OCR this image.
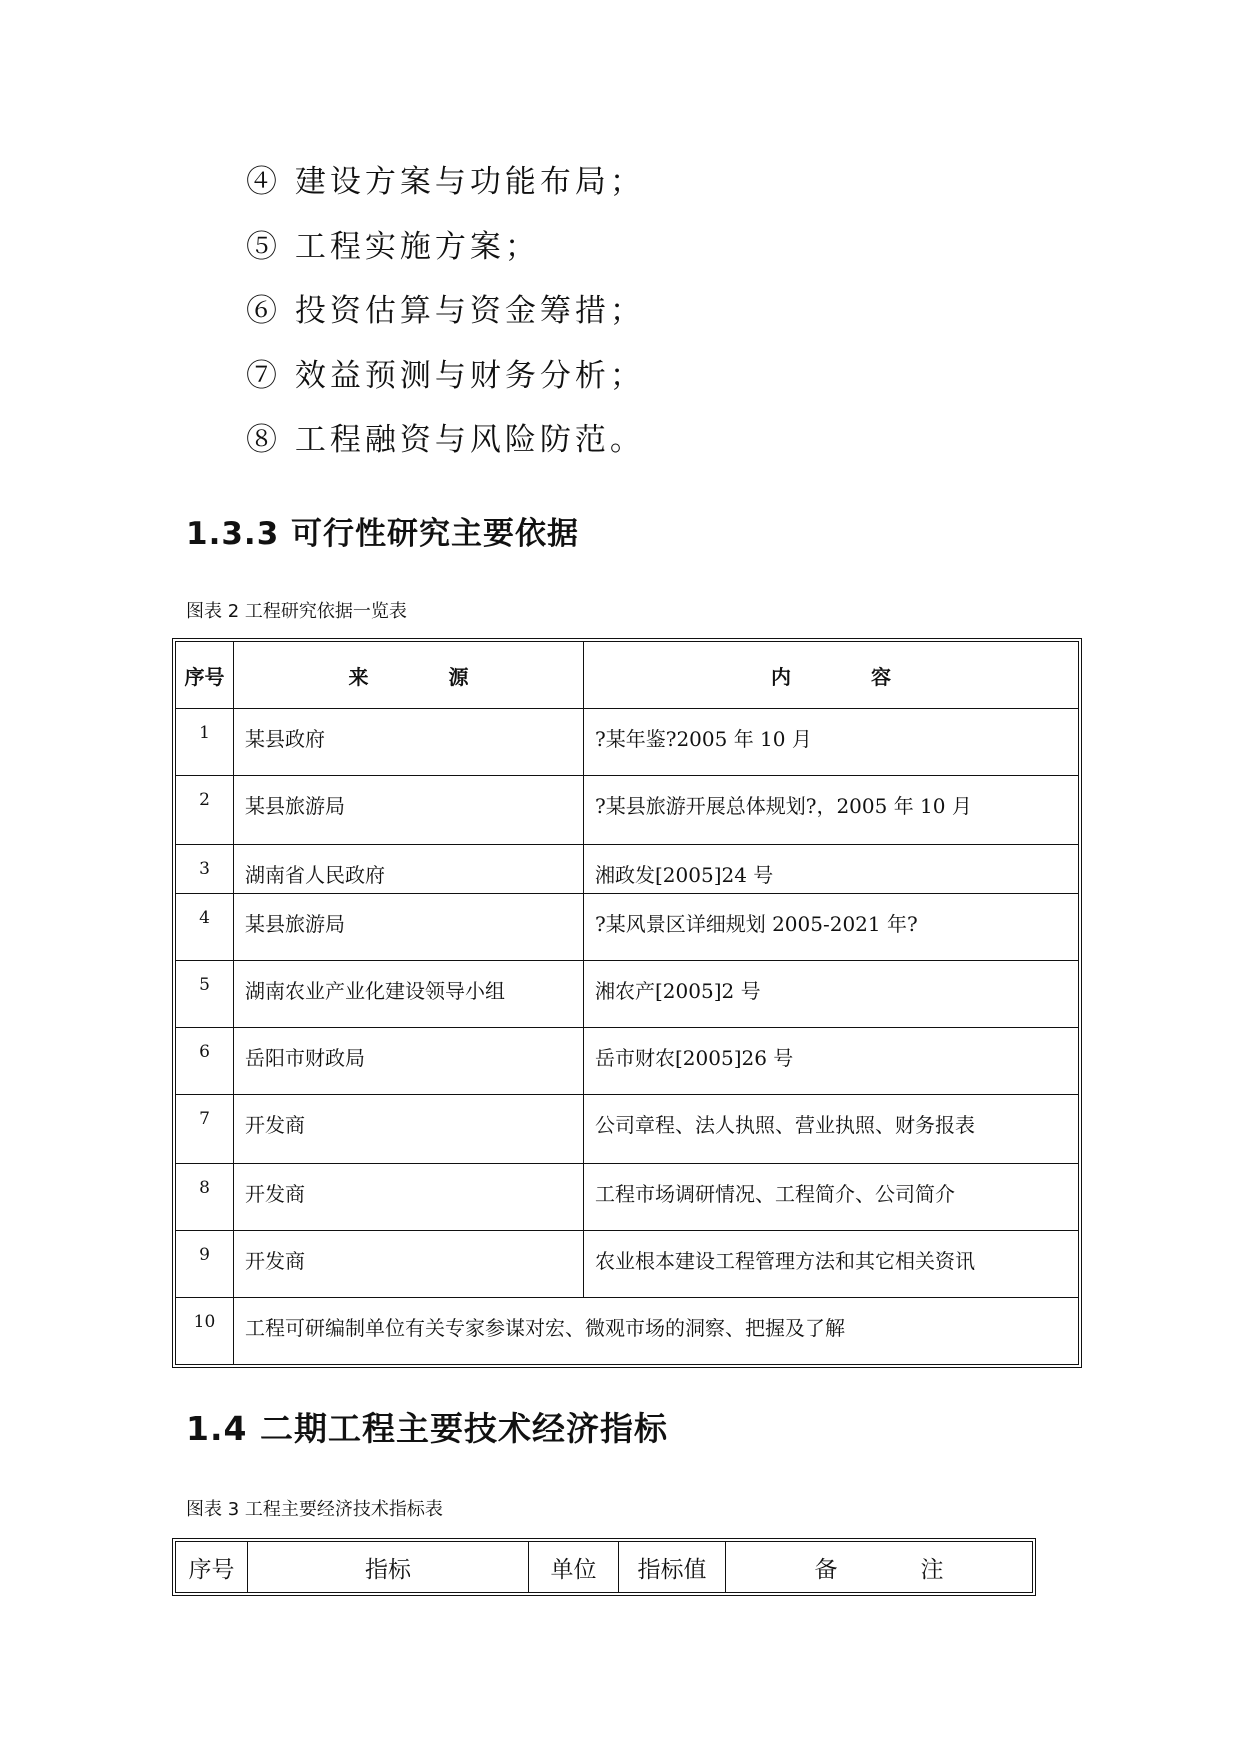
④ 建设方案与功能布局；
⑤ 工程实施方案；
⑥ 投资估算与资金筹措；
⑦ 效益预测与财务分析；
⑧ 工程融资与风险防范。
1.3.3 可行性研究主要依据
图表 2 工程研究依据一览表
序号	来　源	内　容
1	某县政府	?某年鉴?2005 年 10 月
2	某县旅游局	?某县旅游开展总体规划?，2005 年 10 月
3	湖南省人民政府	湘政发[2005]24 号
4	某县旅游局	?某风景区详细规划 2005-2021 年?
5	湖南农业产业化建设领导小组	湘农产[2005]2 号
6	岳阳市财政局	岳市财农[2005]26 号
7	开发商	公司章程、法人执照、营业执照、财务报表
8	开发商	工程市场调研情况、工程简介、公司简介
9	开发商	农业根本建设工程管理方法和其它相关资讯
10	工程可研编制单位有关专家参谋对宏、微观市场的洞察、把握及了解	
1.4 二期工程主要技术经济指标
图表 3 工程主要经济技术指标表
序号	指标	单位	指标值	备　注
